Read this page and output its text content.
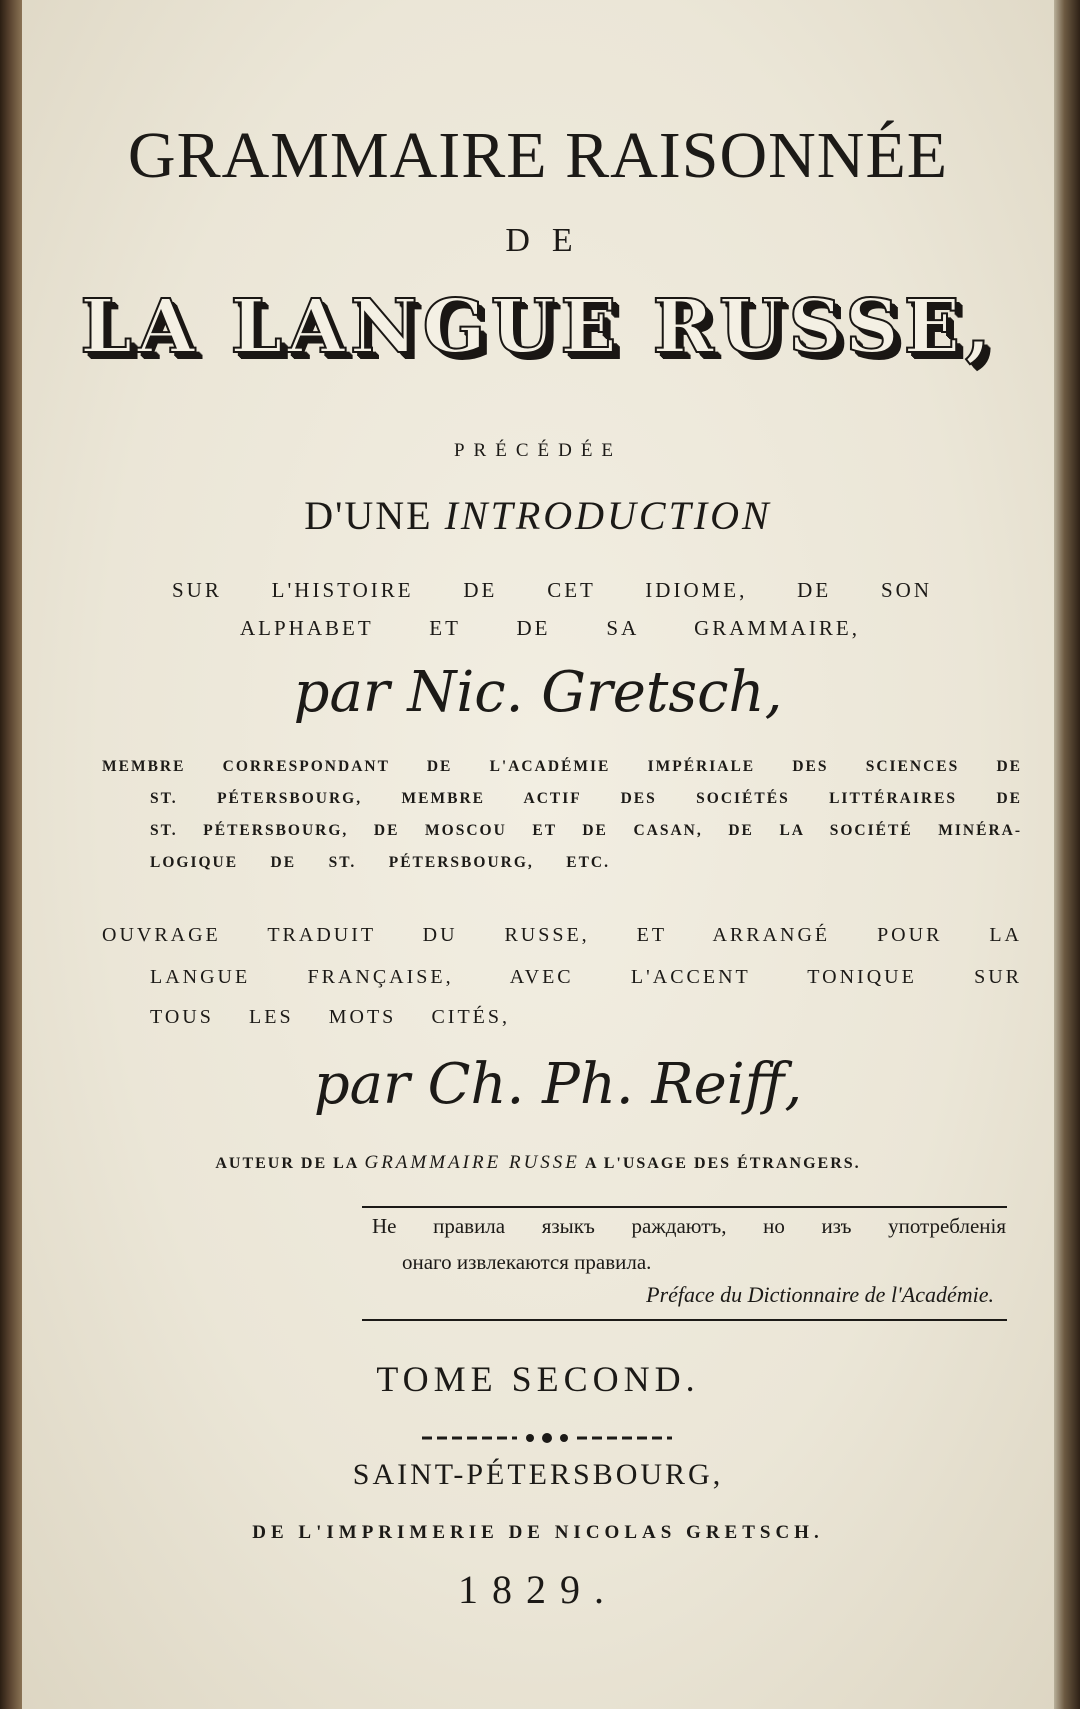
GRAMMAIRE RAISONNÉE
DE
LA LANGUE RUSSE,
PRÉCÉDÉE
D'UNE INTRODUCTION
SUR L'HISTOIRE DE CET IDIOME, DE SON
ALPHABET ET DE SA GRAMMAIRE,
par Nic. Gretsch,
MEMBRE CORRESPONDANT DE L'ACADÉMIE IMPÉRIALE DES SCIENCES DE
ST. PÉTERSBOURG, MEMBRE ACTIF DES SOCIÉTÉS LITTÉRAIRES DE
ST. PÉTERSBOURG, DE MOSCOU ET DE CASAN, DE LA SOCIÉTÉ MINÉRA-
LOGIQUE DE ST. PÉTERSBOURG, ETC.
OUVRAGE TRADUIT DU RUSSE, ET ARRANGÉ POUR LA
LANGUE FRANÇAISE, AVEC L'ACCENT TONIQUE SUR
TOUS LES MOTS CITÉS,
par Ch. Ph. Reiff,
AUTEUR DE LA GRAMMAIRE RUSSE A L'USAGE DES ÉTRANGERS.
Не правила языкъ раждаютъ, но изъ употребленія
онаго извлекаются правила.
Préface du Dictionnaire de l'Académie.
TOME SECOND.
SAINT-PÉTERSBOURG,
DE L'IMPRIMERIE DE NICOLAS GRETSCH.
1829.
